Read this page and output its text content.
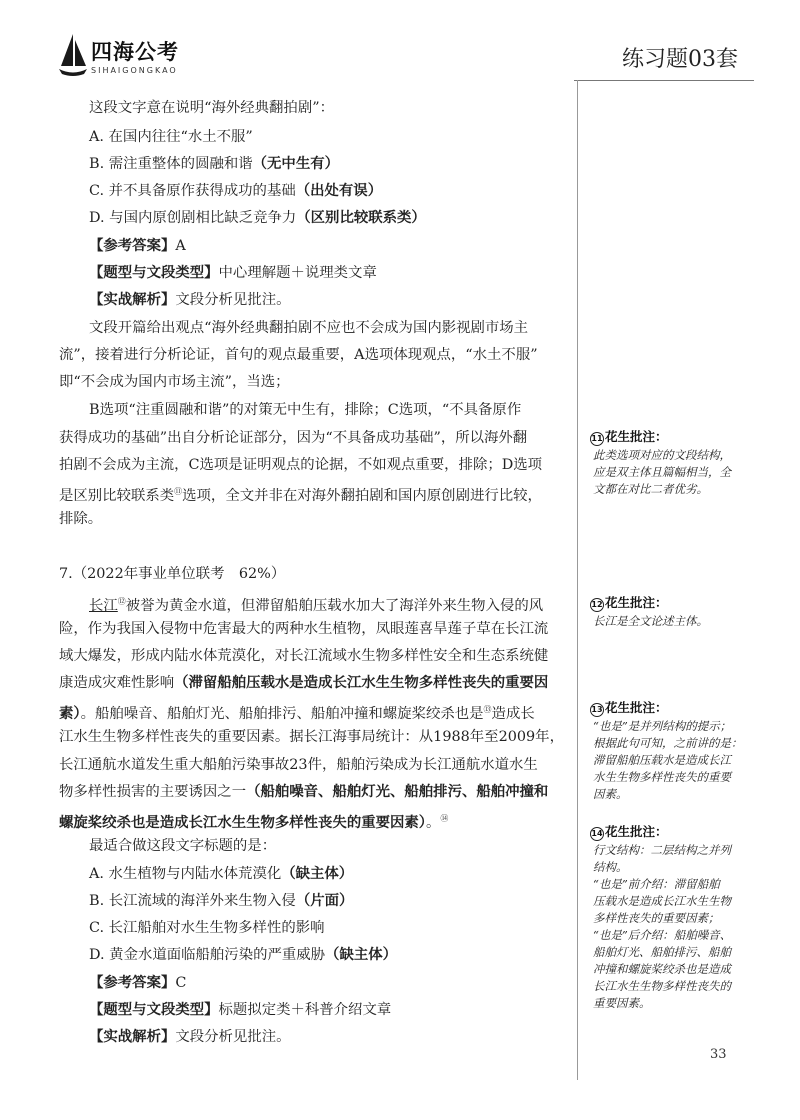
四海公考
SIHAIGONGKAO	练习题03套
这段文字意在说明“海外经典翻拍剧”：
A. 在国内往往“水土不服”
B. 需注重整体的圆融和谐（无中生有）
C. 并不具备原作获得成功的基础（出处有误）
D. 与国内原创剧相比缺乏竞争力（区别比较联系类）
【参考答案】A
【题型与文段类型】中心理解题＋说理类文章
【实战解析】文段分析见批注。
文段开篇给出观点“海外经典翻拍剧不应也不会成为国内影视剧市场主
流”，接着进行分析论证，首句的观点最重要，A选项体现观点，“水土不服”
即“不会成为国内市场主流”，当选；
B选项“注重圆融和谐”的对策无中生有，排除；C选项，“不具备原作
获得成功的基础”出自分析论证部分，因为“不具备成功基础”，所以海外翻
拍剧不会成为主流，C选项是证明观点的论据，不如观点重要，排除；D选项
是区别比较联系类⑪选项，全文并非在对海外翻拍剧和国内原创剧进行比较，
排除。
7.（2022年事业单位联考　62%）
长江⑫被誉为黄金水道，但滞留船舶压载水加大了海洋外来生物入侵的风
险，作为我国入侵物中危害最大的两种水生植物，凤眼莲喜旱莲子草在长江流
域大爆发，形成内陆水体荒漠化，对长江流域水生物多样性安全和生态系统健
康造成灾难性影响（滞留船舶压载水是造成长江水生生物多样性丧失的重要因
素）。船舶噪音、船舶灯光、船舶排污、船舶冲撞和螺旋桨绞杀也是⑬造成长
江水生生物多样性丧失的重要因素。据长江海事局统计：从1988年至2009年，
长江通航水道发生重大船舶污染事故23件，船舶污染成为长江通航水道水生
物多样性损害的主要诱因之一（船舶噪音、船舶灯光、船舶排污、船舶冲撞和
螺旋桨绞杀也是造成长江水生生物多样性丧失的重要因素）。⑭
最适合做这段文字标题的是：
A. 水生植物与内陆水体荒漠化（缺主体）
B. 长江流域的海洋外来生物入侵（片面）
C. 长江船舶对水生生物多样性的影响
D. 黄金水道面临船舶污染的严重威胁（缺主体）
【参考答案】C
【题型与文段类型】标题拟定类＋科普介绍文章
【实战解析】文段分析见批注。
11 花生批注：
此类选项对应的文段结构，
应是双主体且篇幅相当，全
文都在对比二者优劣。
12 花生批注：
长江是全文论述主体。
13 花生批注：
“也是”是并列结构的提示；
根据此句可知，之前讲的是：
滞留船舶压载水是造成长江
水生生物多样性丧失的重要
因素。
14 花生批注：
行文结构：二层结构之并列
结构。
“也是”前介绍：滞留船舶
压载水是造成长江水生生物
多样性丧失的重要因素；
“也是”后介绍：船舶噪音、
船舶灯光、船舶排污、船舶
冲撞和螺旋桨绞杀也是造成
长江水生生物多样性丧失的
重要因素。
33
